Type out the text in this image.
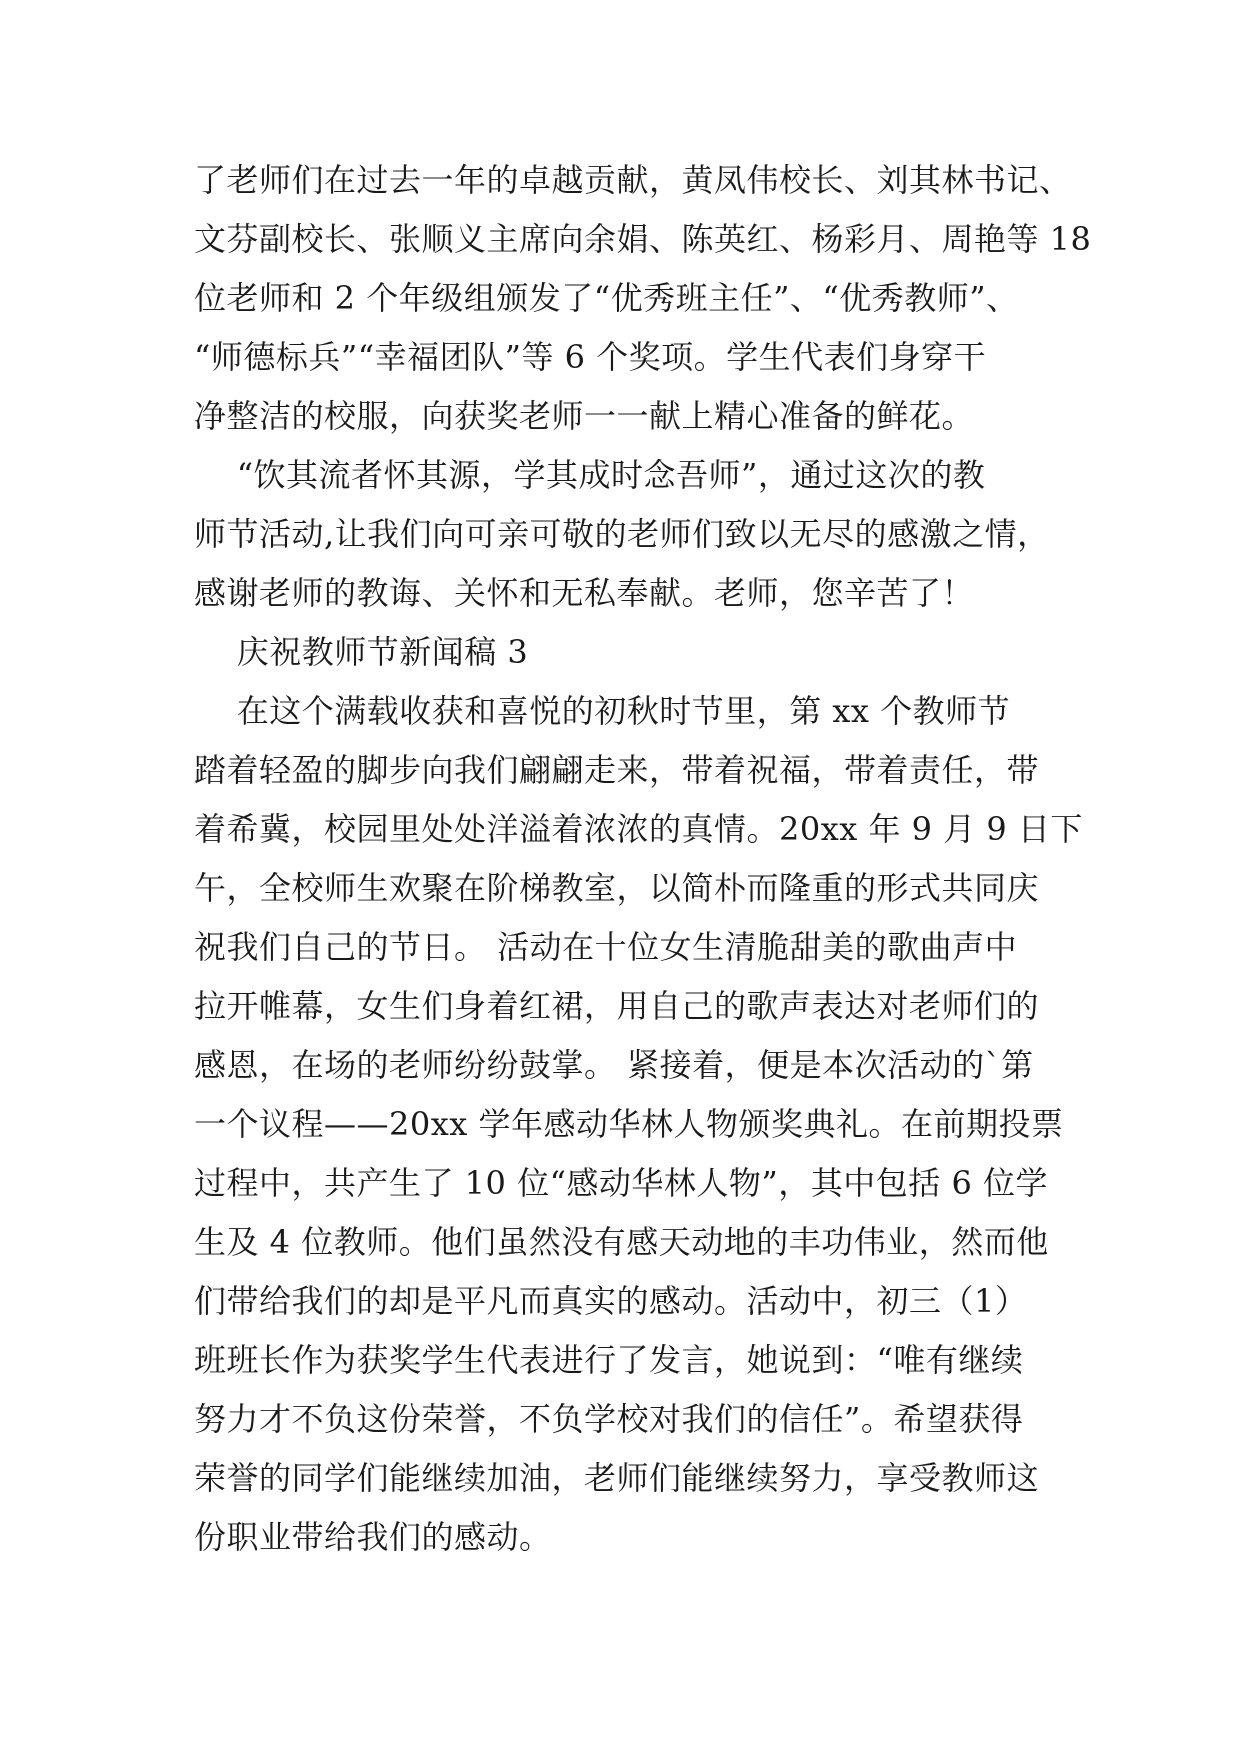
了老师们在过去一年的卓越贡献，黄凤伟校长、刘其林书记、
文芬副校长、张顺义主席向余娟、陈英红、杨彩月、周艳等 18
位老师和 2 个年级组颁发了“优秀班主任”、“优秀教师”、
“师德标兵”“幸福团队”等 6 个奖项。学生代表们身穿干
净整洁的校服，向获奖老师一一献上精心准备的鲜花。
“饮其流者怀其源，学其成时念吾师”，通过这次的教
师节活动,让我们向可亲可敬的老师们致以无尽的感激之情，
感谢老师的教诲、关怀和无私奉献。老师，您辛苦了！
庆祝教师节新闻稿 3
在这个满载收获和喜悦的初秋时节里，第 xx 个教师节
踏着轻盈的脚步向我们翩翩走来，带着祝福，带着责任，带
着希冀，校园里处处洋溢着浓浓的真情。20xx 年 9 月 9 日下
午，全校师生欢聚在阶梯教室，以简朴而隆重的形式共同庆
祝我们自己的节日。 活动在十位女生清脆甜美的歌曲声中
拉开帷幕，女生们身着红裙，用自己的歌声表达对老师们的
感恩，在场的老师纷纷鼓掌。 紧接着，便是本次活动的`第
一个议程——20xx 学年感动华林人物颁奖典礼。在前期投票
过程中，共产生了 10 位“感动华林人物”，其中包括 6 位学
生及 4 位教师。他们虽然没有感天动地的丰功伟业，然而他
们带给我们的却是平凡而真实的感动。活动中，初三（1）
班班长作为获奖学生代表进行了发言，她说到：“唯有继续
努力才不负这份荣誉，不负学校对我们的信任”。希望获得
荣誉的同学们能继续加油，老师们能继续努力，享受教师这
份职业带给我们的感动。
